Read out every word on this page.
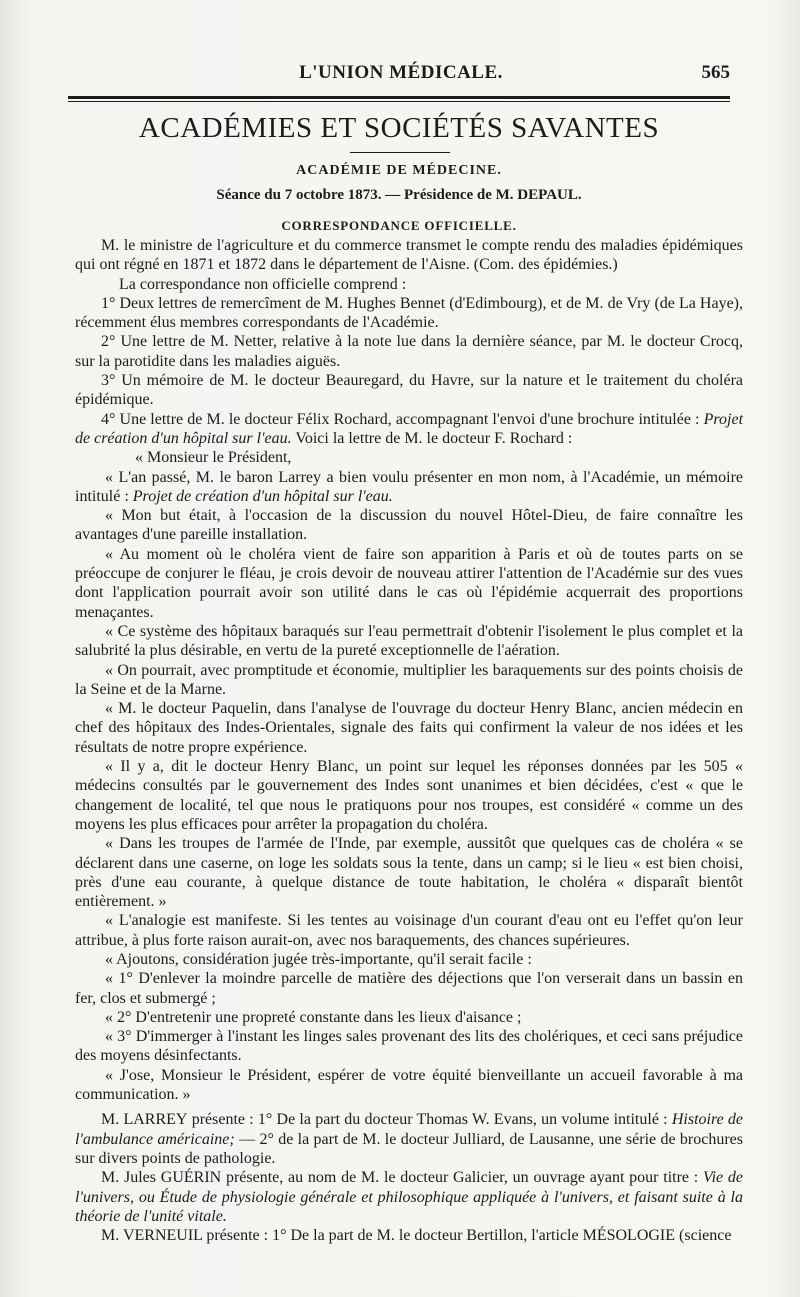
L'UNION MÉDICALE.	565
ACADÉMIES ET SOCIÉTÉS SAVANTES
ACADÉMIE DE MÉDECINE.
Séance du 7 octobre 1873. — Présidence de M. DEPAUL.
CORRESPONDANCE OFFICIELLE.

M. le ministre de l'agriculture et du commerce transmet le compte rendu des maladies épidémiques qui ont régné en 1871 et 1872 dans le département de l'Aisne. (Com. des épidémies.)

La correspondance non officielle comprend :

1° Deux lettres de remercîment de M. Hughes Bennet (d'Edimbourg), et de M. de Vry (de La Haye), récemment élus membres correspondants de l'Académie.

2° Une lettre de M. Netter, relative à la note lue dans la dernière séance, par M. le docteur Crocq, sur la parotidite dans les maladies aiguës.

3° Un mémoire de M. le docteur Beauregard, du Havre, sur la nature et le traitement du choléra épidémique.

4° Une lettre de M. le docteur Félix Rochard, accompagnant l'envoi d'une brochure intitulée : Projet de création d'un hôpital sur l'eau. Voici la lettre de M. le docteur F. Rochard :

« Monsieur le Président,

« L'an passé, M. le baron Larrey a bien voulu présenter en mon nom, à l'Académie, un mémoire intitulé : Projet de création d'un hôpital sur l'eau.

« Mon but était, à l'occasion de la discussion du nouvel Hôtel-Dieu, de faire connaître les avantages d'une pareille installation.

« Au moment où le choléra vient de faire son apparition à Paris et où de toutes parts on se préoccupe de conjurer le fléau, je crois devoir de nouveau attirer l'attention de l'Académie sur des vues dont l'application pourrait avoir son utilité dans le cas où l'épidémie acquerrait des proportions menaçantes.

« Ce système des hôpitaux baraqués sur l'eau permettrait d'obtenir l'isolement le plus complet et la salubrité la plus désirable, en vertu de la pureté exceptionnelle de l'aération.

« On pourrait, avec promptitude et économie, multiplier les baraquements sur des points choisis de la Seine et de la Marne.

« M. le docteur Paquelin, dans l'analyse de l'ouvrage du docteur Henry Blanc, ancien médecin en chef des hôpitaux des Indes-Orientales, signale des faits qui confirment la valeur de nos idées et les résultats de notre propre expérience.

« Il y a, dit le docteur Henry Blanc, un point sur lequel les réponses données par les 505 « médecins consultés par le gouvernement des Indes sont unanimes et bien décidées, c'est « que le changement de localité, tel que nous le pratiquons pour nos troupes, est considéré « comme un des moyens les plus efficaces pour arrêter la propagation du choléra.

« Dans les troupes de l'armée de l'Inde, par exemple, aussitôt que quelques cas de choléra « se déclarent dans une caserne, on loge les soldats sous la tente, dans un camp; si le lieu « est bien choisi, près d'une eau courante, à quelque distance de toute habitation, le choléra « disparaît bientôt entièrement. »

« L'analogie est manifeste. Si les tentes au voisinage d'un courant d'eau ont eu l'effet qu'on leur attribue, à plus forte raison aurait-on, avec nos baraquements, des chances supérieures.

« Ajoutons, considération jugée très-importante, qu'il serait facile :

« 1° D'enlever la moindre parcelle de matière des déjections que l'on verserait dans un bassin en fer, clos et submergé ;

« 2° D'entretenir une propreté constante dans les lieux d'aisance ;

« 3° D'immerger à l'instant les linges sales provenant des lits des cholériques, et ceci sans préjudice des moyens désinfectants.

« J'ose, Monsieur le Président, espérer de votre équité bienveillante un accueil favorable à ma communication. »

M. LARREY présente : 1° De la part du docteur Thomas W. Evans, un volume intitulé : Histoire de l'ambulance américaine; — 2° de la part de M. le docteur Julliard, de Lausanne, une série de brochures sur divers points de pathologie.

M. Jules GUÉRIN présente, au nom de M. le docteur Galicier, un ouvrage ayant pour titre : Vie de l'univers, ou Étude de physiologie générale et philosophique appliquée à l'univers, et faisant suite à la théorie de l'unité vitale.

M. VERNEUIL présente : 1° De la part de M. le docteur Bertillon, l'article MÉSOLOGIE (science
